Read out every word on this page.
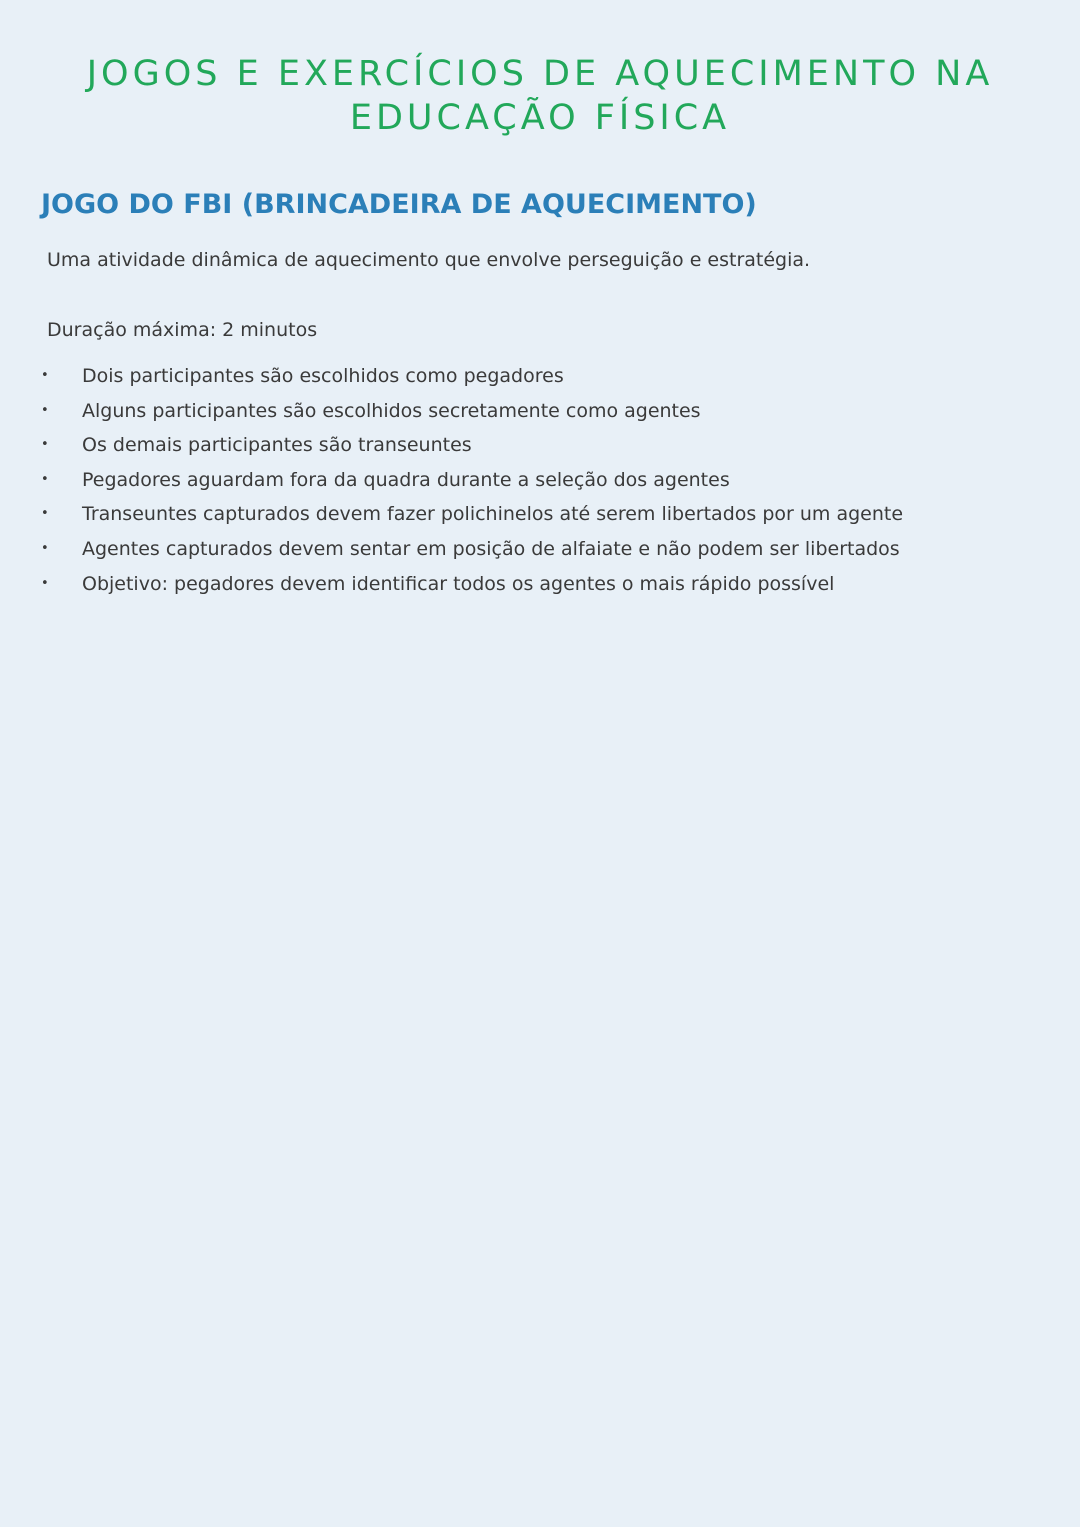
JOGOS E EXERCÍCIOS DE AQUECIMENTO NA
EDUCAÇÃO FÍSICA
JOGO DO FBI (BRINCADEIRA DE AQUECIMENTO)

Uma atividade dinâmica de aquecimento que envolve perseguição e estratégia.

Duração máxima: 2 minutos

• Dois participantes são escolhidos como pegadores
• Alguns participantes são escolhidos secretamente como agentes
• Os demais participantes são transeuntes
• Pegadores aguardam fora da quadra durante a seleção dos agentes
• Transeuntes capturados devem fazer polichinelos até serem libertados por um agente
• Agentes capturados devem sentar em posição de alfaiate e não podem ser libertados
• Objetivo: pegadores devem identificar todos os agentes o mais rápido possível
